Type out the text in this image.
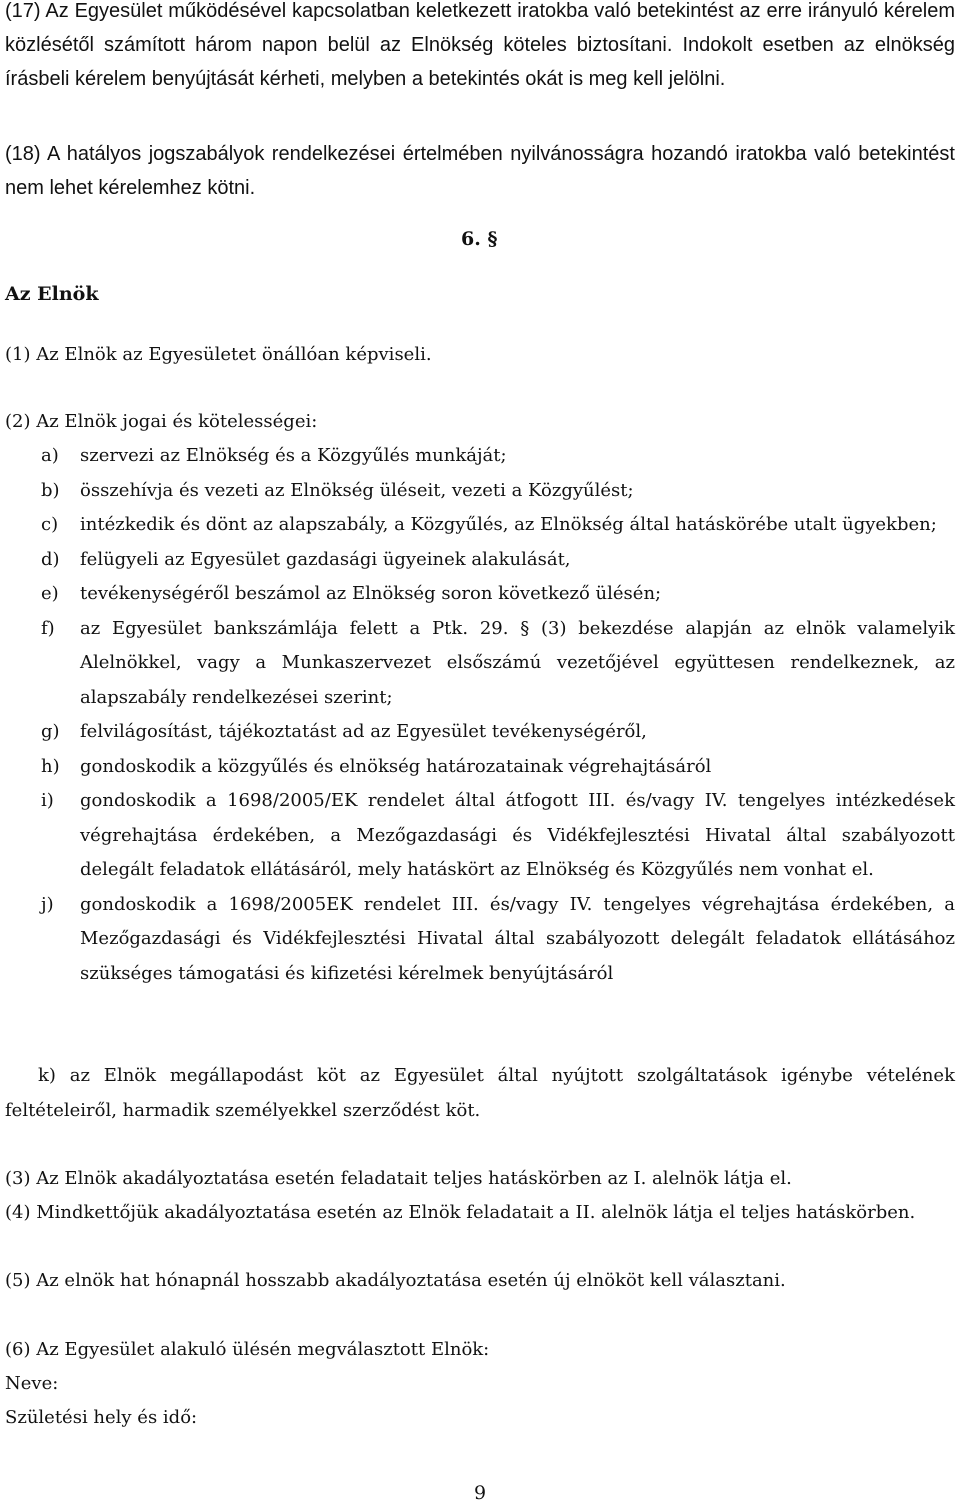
(17) Az Egyesület működésével kapcsolatban keletkezett iratokba való betekintést az erre irányuló kérelem közlésétől számított három napon belül az Elnökség köteles biztosítani. Indokolt esetben az elnökség írásbeli kérelem benyújtását kérheti, melyben a betekintés okát is meg kell jelölni.

(18) A hatályos jogszabályok rendelkezései értelmében nyilvánosságra hozandó iratokba való betekintést nem lehet kérelemhez kötni.

6. §
Az Elnök

(1) Az Elnök az Egyesületet önállóan képviseli.

(2) Az Elnök jogai és kötelességei:

a) szervezi az Elnökség és a Közgyűlés munkáját;
b) összehívja és vezeti az Elnökség üléseit, vezeti a Közgyűlést;
c) intézkedik és dönt az alapszabály, a Közgyűlés, az Elnökség által hatáskörébe utalt ügyekben;
d) felügyeli az Egyesület gazdasági ügyeinek alakulását,
e) tevékenységéről beszámol az Elnökség soron következő ülésén;
f) az Egyesület bankszámlája felett a Ptk. 29. § (3) bekezdése alapján az elnök valamelyik Alelnökkel, vagy a Munkaszervezet elsőszámú vezetőjével együttesen rendelkeznek, az alapszabály rendelkezései szerint;
g) felvilágosítást, tájékoztatást ad az Egyesület tevékenységéről,
h) gondoskodik a közgyűlés és elnökség határozatainak végrehajtásáról
i) gondoskodik a 1698/2005/EK rendelet által átfogott III. és/vagy IV. tengelyes intézkedések végrehajtása érdekében, a Mezőgazdasági és Vidékfejlesztési Hivatal által szabályozott delegált feladatok ellátásáról, mely hatáskört az Elnökség és Közgyűlés nem vonhat el.
j) gondoskodik a 1698/2005EK rendelet III. és/vagy IV. tengelyes végrehajtása érdekében, a Mezőgazdasági és Vidékfejlesztési Hivatal által szabályozott delegált feladatok ellátásához szükséges támogatási és kifizetési kérelmek benyújtásáról

k) az Elnök megállapodást köt az Egyesület által nyújtott szolgáltatások igénybe vételének feltételeiről, harmadik személyekkel szerződést köt.

(3) Az Elnök akadályoztatása esetén feladatait teljes hatáskörben az I. alelnök látja el.

(4) Mindkettőjük akadályoztatása esetén az Elnök feladatait a II. alelnök látja el teljes hatáskörben.

(5) Az elnök hat hónapnál hosszabb akadályoztatása esetén új elnököt kell választani.

(6) Az Egyesület alakuló ülésén megválasztott Elnök:

Neve:

Születési hely és idő:

9
